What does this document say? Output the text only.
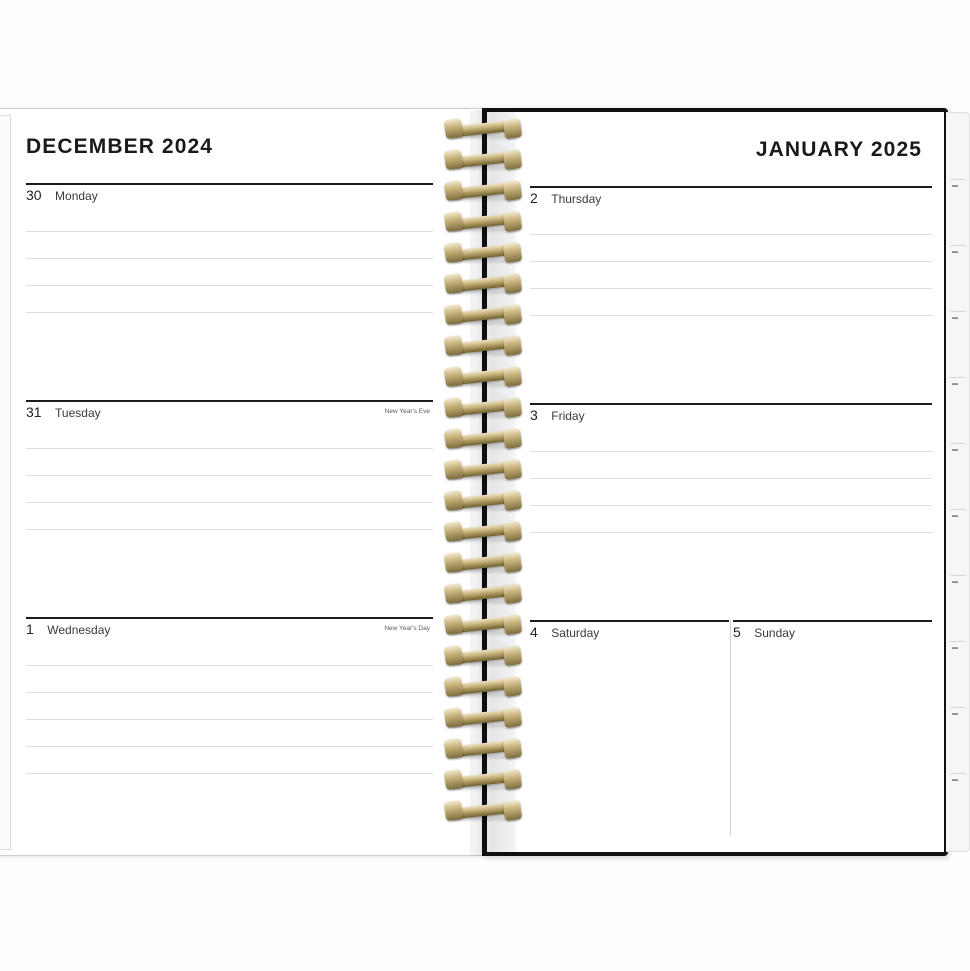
DECEMBER 2024
30 Monday
31 Tuesday	New Year's Eve
1 Wednesday	New Year's Day
JANUARY 2025
2 Thursday
3 Friday
4 Saturday	5 Sunday
▬
▬
▬
▬
▬
▬
▬
▬
▬
▬
